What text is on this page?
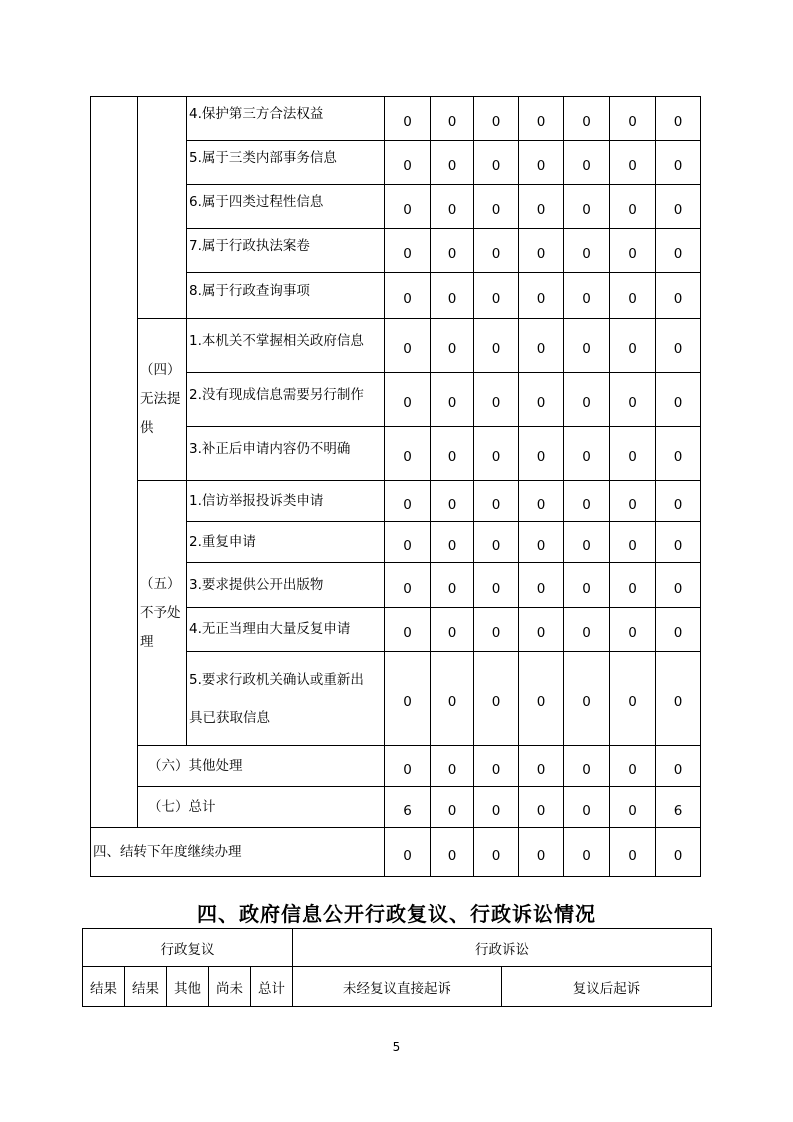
		4.保护第三方合法权益	0	0	0	0	0	0	0
		5.属于三类内部事务信息	0	0	0	0	0	0	0
		6.属于四类过程性信息	0	0	0	0	0	0	0
		7.属于行政执法案卷	0	0	0	0	0	0	0
		8.属于行政查询事项	0	0	0	0	0	0	0

	（四）
无法提
供	1.本机关不掌握相关政府信息	0	0	0	0	0	0	0
		2.没有现成信息需要另行制作	0	0	0	0	0	0	0
		3.补正后申请内容仍不明确	0	0	0	0	0	0	0

	（五）
不予处
理	1.信访举报投诉类申请	0	0	0	0	0	0	0
		2.重复申请	0	0	0	0	0	0	0
		3.要求提供公开出版物	0	0	0	0	0	0	0
		4.无正当理由大量反复申请	0	0	0	0	0	0	0

		5.要求行政机关确认或重新出
具已获取信息	0	0	0	0	0	0	0
	（六）其他处理		0	0	0	0	0	0	0
	（七）总计		6	0	0	0	0	0	6
四、结转下年度继续办理			0	0	0	0	0	0	0
四、政府信息公开行政复议、行政诉讼情况
行政复议					行政诉讼	
结果	结果	其他	尚未	总计	未经复议直接起诉	复议后起诉
5
